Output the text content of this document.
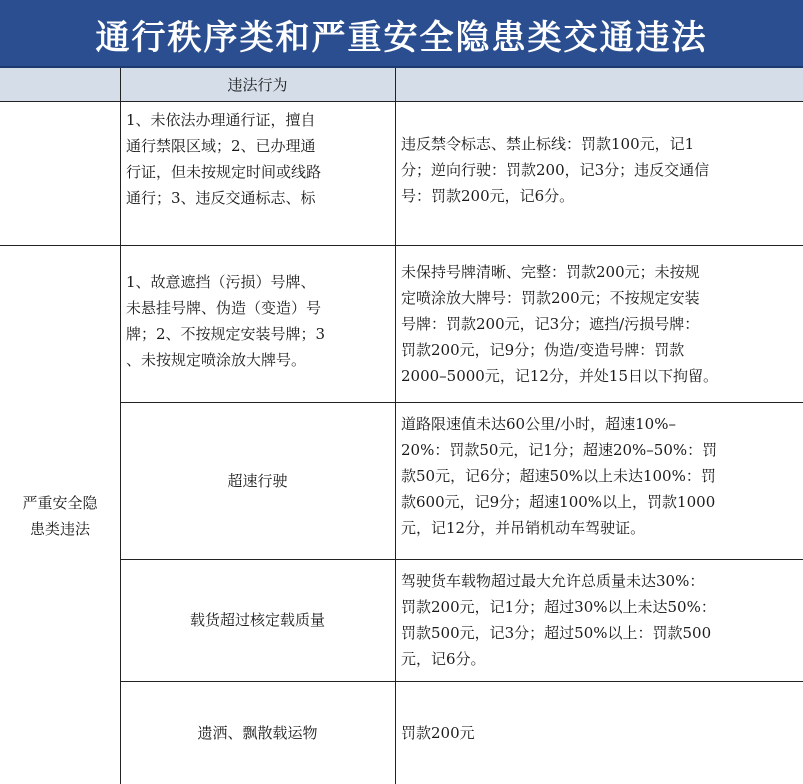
通行秩序类和严重安全隐患类交通违法
违法行为
1、未依法办理通行证，擅自
通行禁限区域；2、已办理通
行证，但未按规定时间或线路
通行；3、违反交通标志、标
违反禁令标志、禁止标线：罚款100元，记1
分；逆向行驶：罚款200，记3分；违反交通信
号：罚款200元，记6分。
严重安全隐
患类违法
1、故意遮挡（污损）号牌、
未悬挂号牌、伪造（变造）号
牌；2、不按规定安装号牌；3
、未按规定喷涂放大牌号。
未保持号牌清晰、完整：罚款200元；未按规
定喷涂放大牌号：罚款200元；不按规定安装
号牌：罚款200元，记3分；遮挡/污损号牌：
罚款200元，记9分；伪造/变造号牌：罚款
2000–5000元，记12分，并处15日以下拘留。
超速行驶
道路限速值未达60公里/小时，超速10%–
20%：罚款50元，记1分；超速20%–50%：罚
款50元，记6分；超速50%以上未达100%：罚
款600元，记9分；超速100%以上，罚款1000
元，记12分，并吊销机动车驾驶证。
载货超过核定载质量
驾驶货车载物超过最大允许总质量未达30%：
罚款200元，记1分；超过30%以上未达50%：
罚款500元，记3分；超过50%以上：罚款500
元，记6分。
遗洒、飘散载运物	罚款200元
